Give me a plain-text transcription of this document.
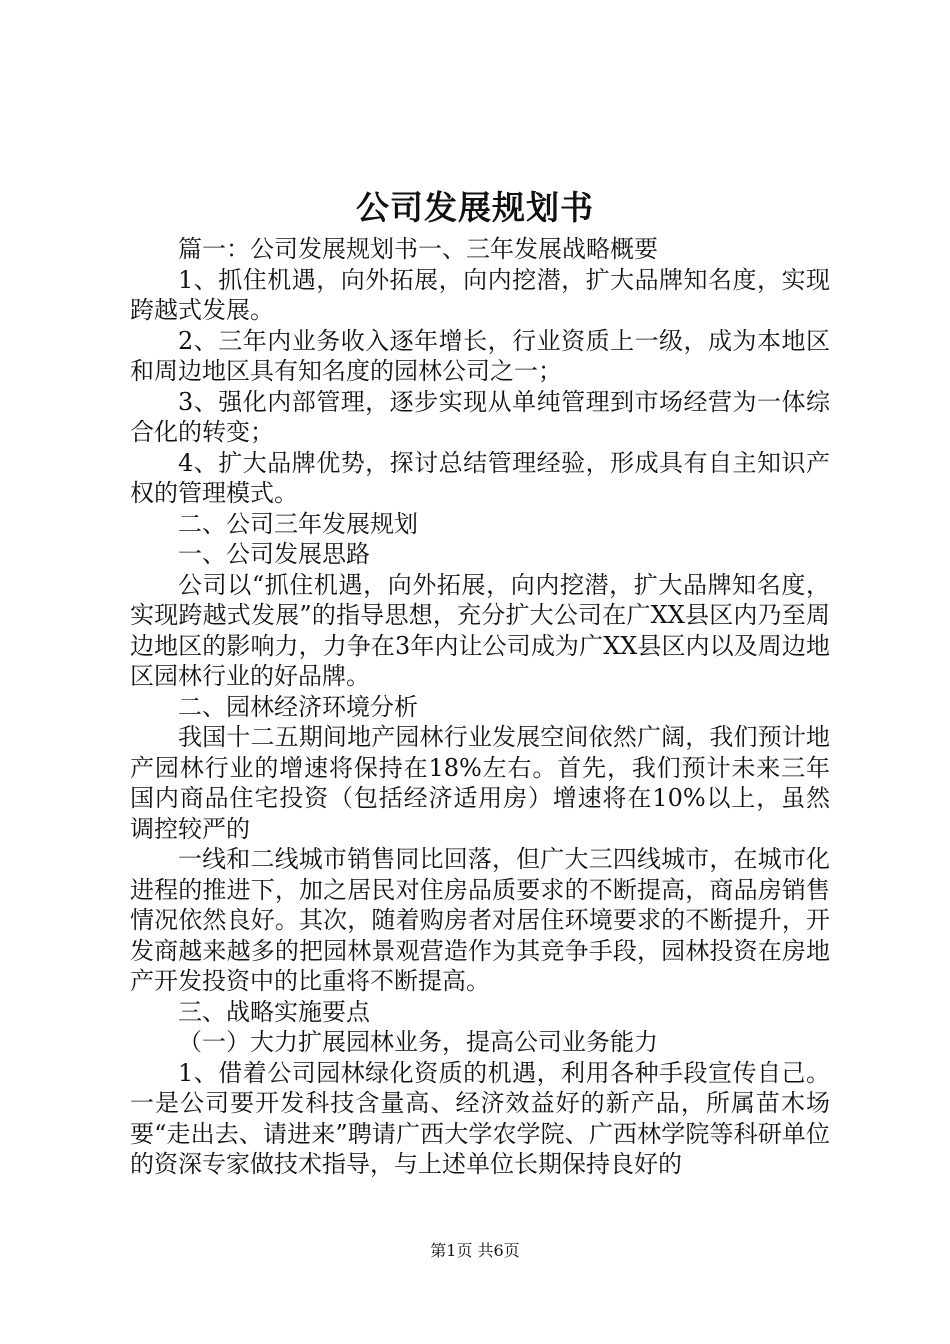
公司发展规划书

篇一：公司发展规划书一、三年发展战略概要

1、抓住机遇，向外拓展，向内挖潜，扩大品牌知名度，实现跨越式发展。

2、三年内业务收入逐年增长，行业资质上一级，成为本地区和周边地区具有知名度的园林公司之一；

3、强化内部管理，逐步实现从单纯管理到市场经营为一体综合化的转变；

4、扩大品牌优势，探讨总结管理经验，形成具有自主知识产权的管理模式。

二、公司三年发展规划

一、公司发展思路

公司以“抓住机遇，向外拓展，向内挖潜，扩大品牌知名度，实现跨越式发展”的指导思想，充分扩大公司在广XX县区内乃至周边地区的影响力，力争在3年内让公司成为广XX县区内以及周边地区园林行业的好品牌。

二、园林经济环境分析

我国十二五期间地产园林行业发展空间依然广阔，我们预计地产园林行业的增速将保持在18%左右。首先，我们预计未来三年国内商品住宅投资（包括经济适用房）增速将在10%以上，虽然调控较严的

一线和二线城市销售同比回落，但广大三四线城市，在城市化进程的推进下，加之居民对住房品质要求的不断提高，商品房销售情况依然良好。其次，随着购房者对居住环境要求的不断提升，开发商越来越多的把园林景观营造作为其竞争手段，园林投资在房地产开发投资中的比重将不断提高。

三、战略实施要点

（一）大力扩展园林业务，提高公司业务能力

1、借着公司园林绿化资质的机遇，利用各种手段宣传自己。一是公司要开发科技含量高、经济效益好的新产品，所属苗木场要“走出去、请进来”聘请广西大学农学院、广西林学院等科研单位的资深专家做技术指导，与上述单位长期保持良好的

第1页 共6页
